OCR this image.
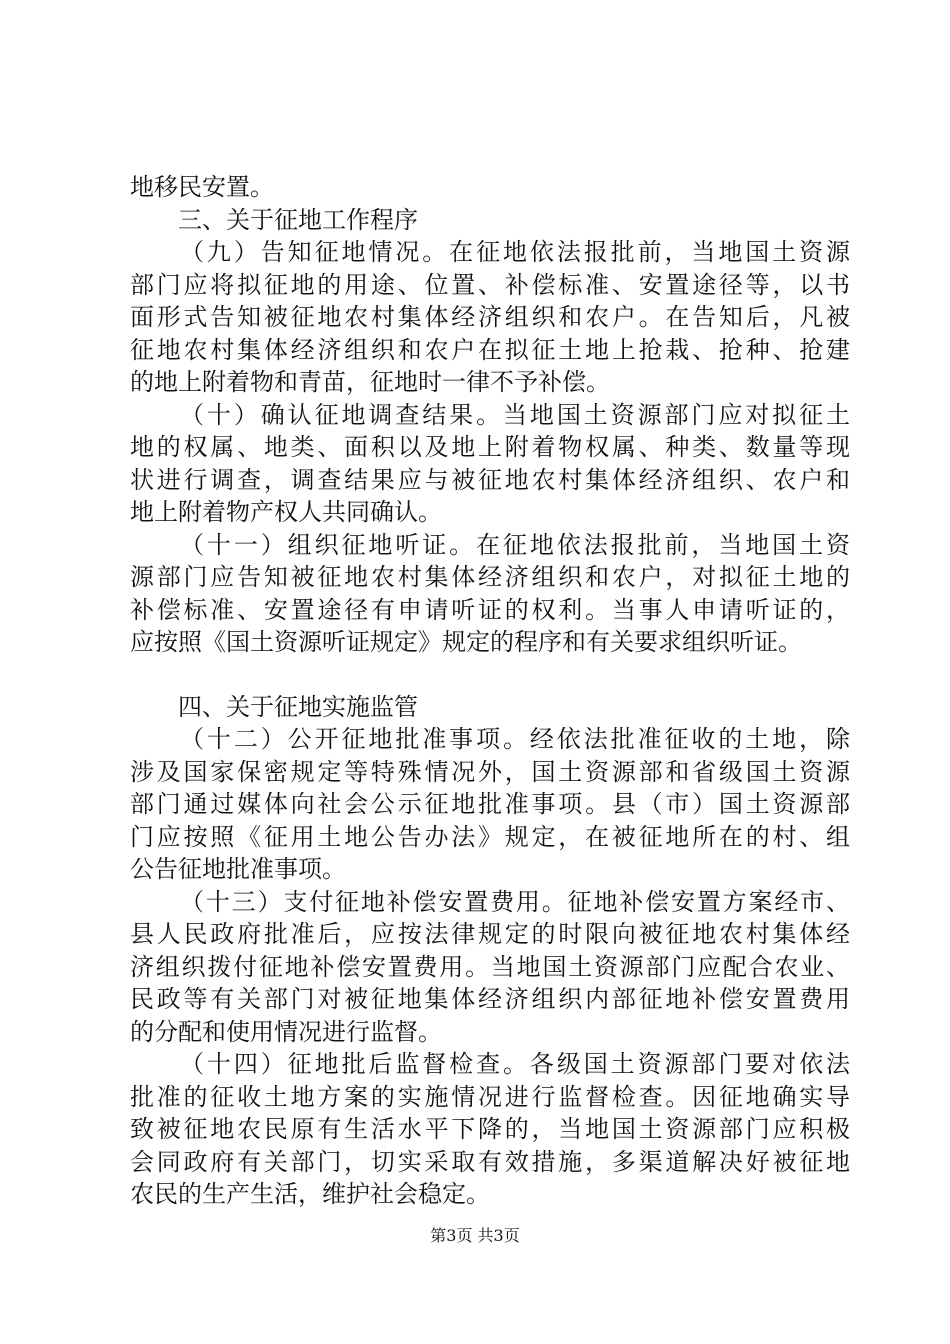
地移民安置。
三、关于征地工作程序
（九）告知征地情况。在征地依法报批前，当地国土资源
部门应将拟征地的用途、位置、补偿标准、安置途径等，以书
面形式告知被征地农村集体经济组织和农户。在告知后，凡被
征地农村集体经济组织和农户在拟征土地上抢栽、抢种、抢建
的地上附着物和青苗，征地时一律不予补偿。
（十）确认征地调查结果。当地国土资源部门应对拟征土
地的权属、地类、面积以及地上附着物权属、种类、数量等现
状进行调查，调查结果应与被征地农村集体经济组织、农户和
地上附着物产权人共同确认。
（十一）组织征地听证。在征地依法报批前，当地国土资
源部门应告知被征地农村集体经济组织和农户，对拟征土地的
补偿标准、安置途径有申请听证的权利。当事人申请听证的，
应按照《国土资源听证规定》规定的程序和有关要求组织听证。
四、关于征地实施监管
（十二）公开征地批准事项。经依法批准征收的土地，除
涉及国家保密规定等特殊情况外，国土资源部和省级国土资源
部门通过媒体向社会公示征地批准事项。县（市）国土资源部
门应按照《征用土地公告办法》规定，在被征地所在的村、组
公告征地批准事项。
（十三）支付征地补偿安置费用。征地补偿安置方案经市、
县人民政府批准后，应按法律规定的时限向被征地农村集体经
济组织拨付征地补偿安置费用。当地国土资源部门应配合农业、
民政等有关部门对被征地集体经济组织内部征地补偿安置费用
的分配和使用情况进行监督。
（十四）征地批后监督检查。各级国土资源部门要对依法
批准的征收土地方案的实施情况进行监督检查。因征地确实导
致被征地农民原有生活水平下降的，当地国土资源部门应积极
会同政府有关部门，切实采取有效措施，多渠道解决好被征地
农民的生产生活，维护社会稳定。
第3页 共3页
